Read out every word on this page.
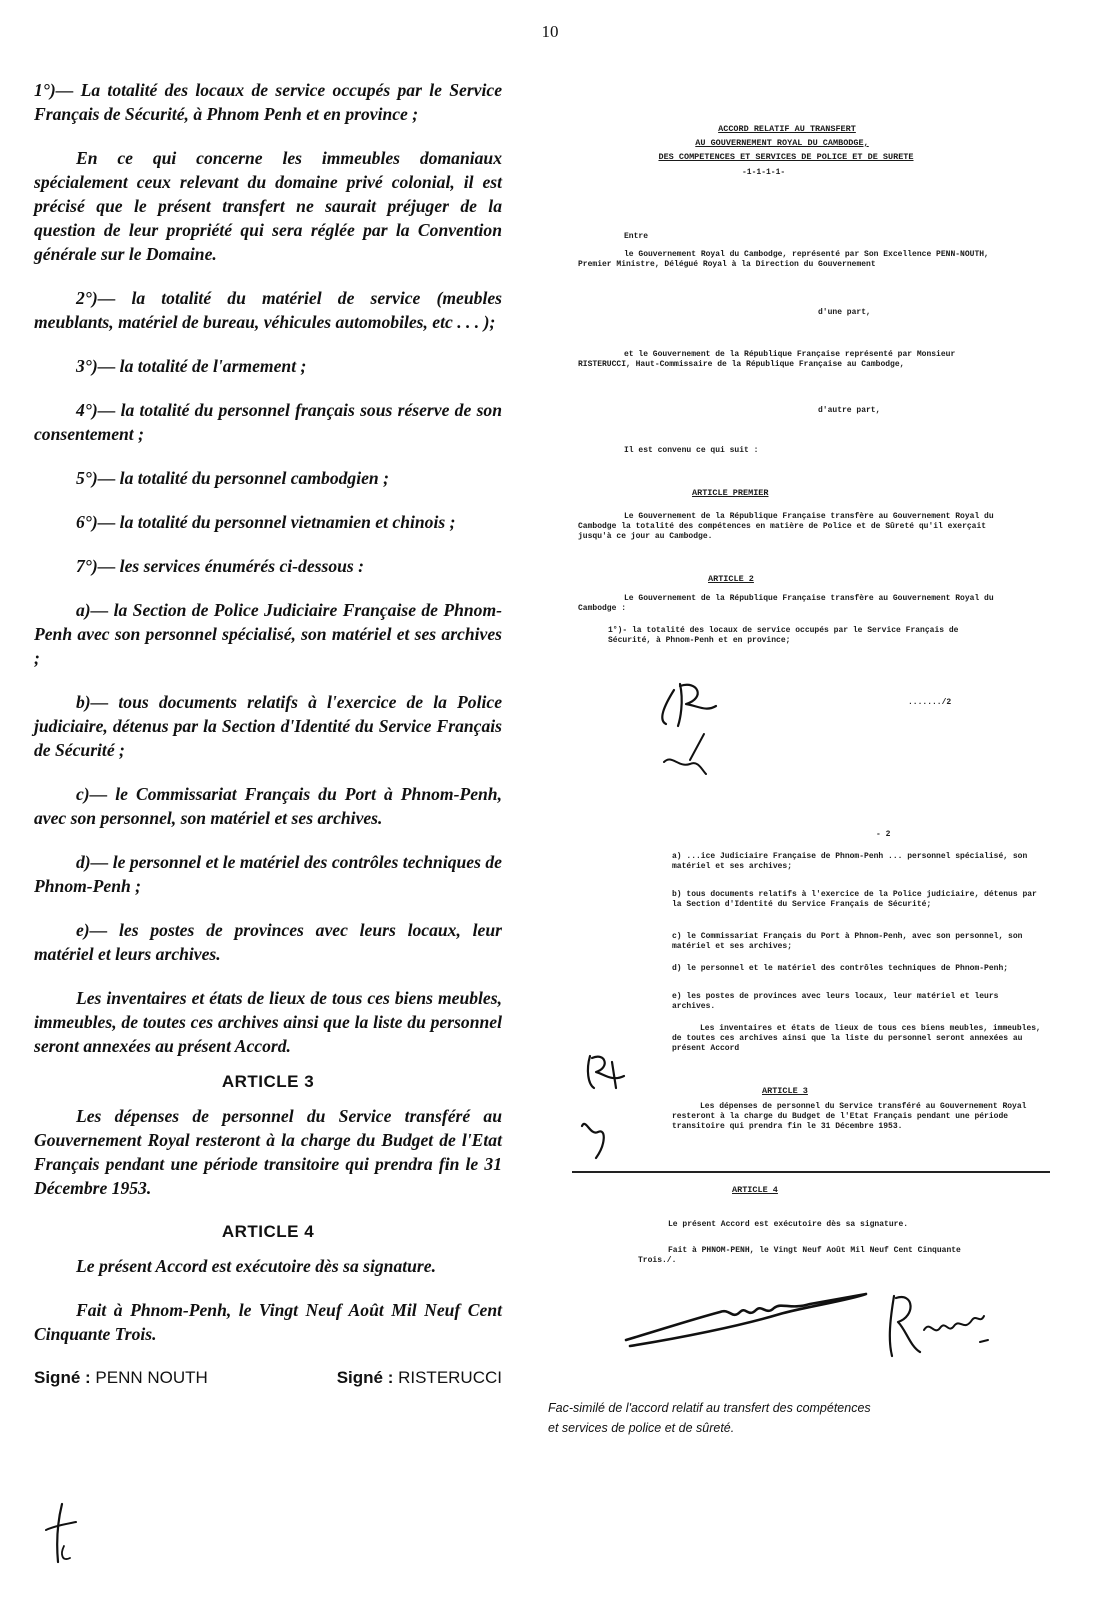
10

1°)— La totalité des locaux de service occupés par le Service Français de Sécurité, à Phnom Penh et en province ;

En ce qui concerne les immeubles domaniaux spécialement ceux relevant du domaine privé colonial, il est précisé que le présent transfert ne saurait préjuger de la question de leur propriété qui sera réglée par la Convention générale sur le Domaine.

2°)— la totalité du matériel de service (meubles meublants, matériel de bureau, véhicules automobiles, etc . . . );

3°)— la totalité de l'armement ;

4°)— la totalité du personnel français sous réserve de son consentement ;

5°)— la totalité du personnel cambodgien ;

6°)— la totalité du personnel vietnamien et chinois ;

7°)— les services énumérés ci-dessous :

a)— la Section de Police Judiciaire Française de Phnom-Penh avec son personnel spécialisé, son matériel et ses archives ;

b)— tous documents relatifs à l'exercice de la Police judiciaire, détenus par la Section d'Identité du Service Français de Sécurité ;

c)— le Commissariat Français du Port à Phnom-Penh, avec son personnel, son matériel et ses archives.

d)— le personnel et le matériel des contrôles techniques de Phnom-Penh ;

e)— les postes de provinces avec leurs locaux, leur matériel et leurs archives.

Les inventaires et états de lieux de tous ces biens meubles, immeubles, de toutes ces archives ainsi que la liste du personnel seront annexées au présent Accord.

ARTICLE 3

Les dépenses de personnel du Service transféré au Gouvernement Royal resteront à la charge du Budget de l'Etat Français pendant une période transitoire qui prendra fin le 31 Décembre 1953.

ARTICLE 4

Le présent Accord est exécutoire dès sa signature.

Fait à Phnom-Penh, le Vingt Neuf Août Mil Neuf Cent Cinquante Trois.

Signé : PENN NOUTH	Signé : RISTERUCCI
ACCORD RELATIF AU TRANSFERT
AU GOUVERNEMENT ROYAL DU CAMBODGE,
DES COMPETENCES ET SERVICES DE POLICE ET DE SURETE
-1-1-1-1-
Entre
le Gouvernement Royal du Cambodge, représenté par Son Excellence PENN-NOUTH, Premier Ministre, Délégué Royal à la Direction du Gouvernement
d'une part,
et le Gouvernement de la République Française représenté par Monsieur RISTERUCCI, Haut-Commissaire de la République Française au Cambodge,
d'autre part,
Il est convenu ce qui suit :
ARTICLE PREMIER
Le Gouvernement de la République Française transfère au Gouvernement Royal du Cambodge la totalité des compétences en matière de Police et de Sûreté qu'il exerçait jusqu'à ce jour au Cambodge.
ARTICLE 2
Le Gouvernement de la République Française transfère au Gouvernement Royal du Cambodge :
1°)- la totalité des locaux de service occupés par le Service Français de Sécurité, à Phnom-Penh et en province;
......./2
- 2
a) ...ice Judiciaire Française de Phnom-Penh ... personnel spécialisé, son matériel et ses archives;
b) tous documents relatifs à l'exercice de la Police judiciaire, détenus par la Section d'Identité du Service Français de Sécurité;
c) le Commissariat Français du Port à Phnom-Penh, avec son personnel, son matériel et ses archives;
d) le personnel et le matériel des contrôles techniques de Phnom-Penh;
e) les postes de provinces avec leurs locaux, leur matériel et leurs archives.
Les inventaires et états de lieux de tous ces biens meubles, immeubles, de toutes ces archives ainsi que la liste du personnel seront annexées au présent Accord
ARTICLE 3
Les dépenses de personnel du Service transféré au Gouvernement Royal resteront à la charge du Budget de l'Etat Français pendant une période transitoire qui prendra fin le 31 Décembre 1953.
ARTICLE 4
Le présent Accord est exécutoire dès sa signature.
Fait à PHNOM-PENH, le Vingt Neuf Août Mil Neuf Cent Cinquante Trois./.
Fac-similé de l'accord relatif au transfert des compétences
et services de police et de sûreté.
